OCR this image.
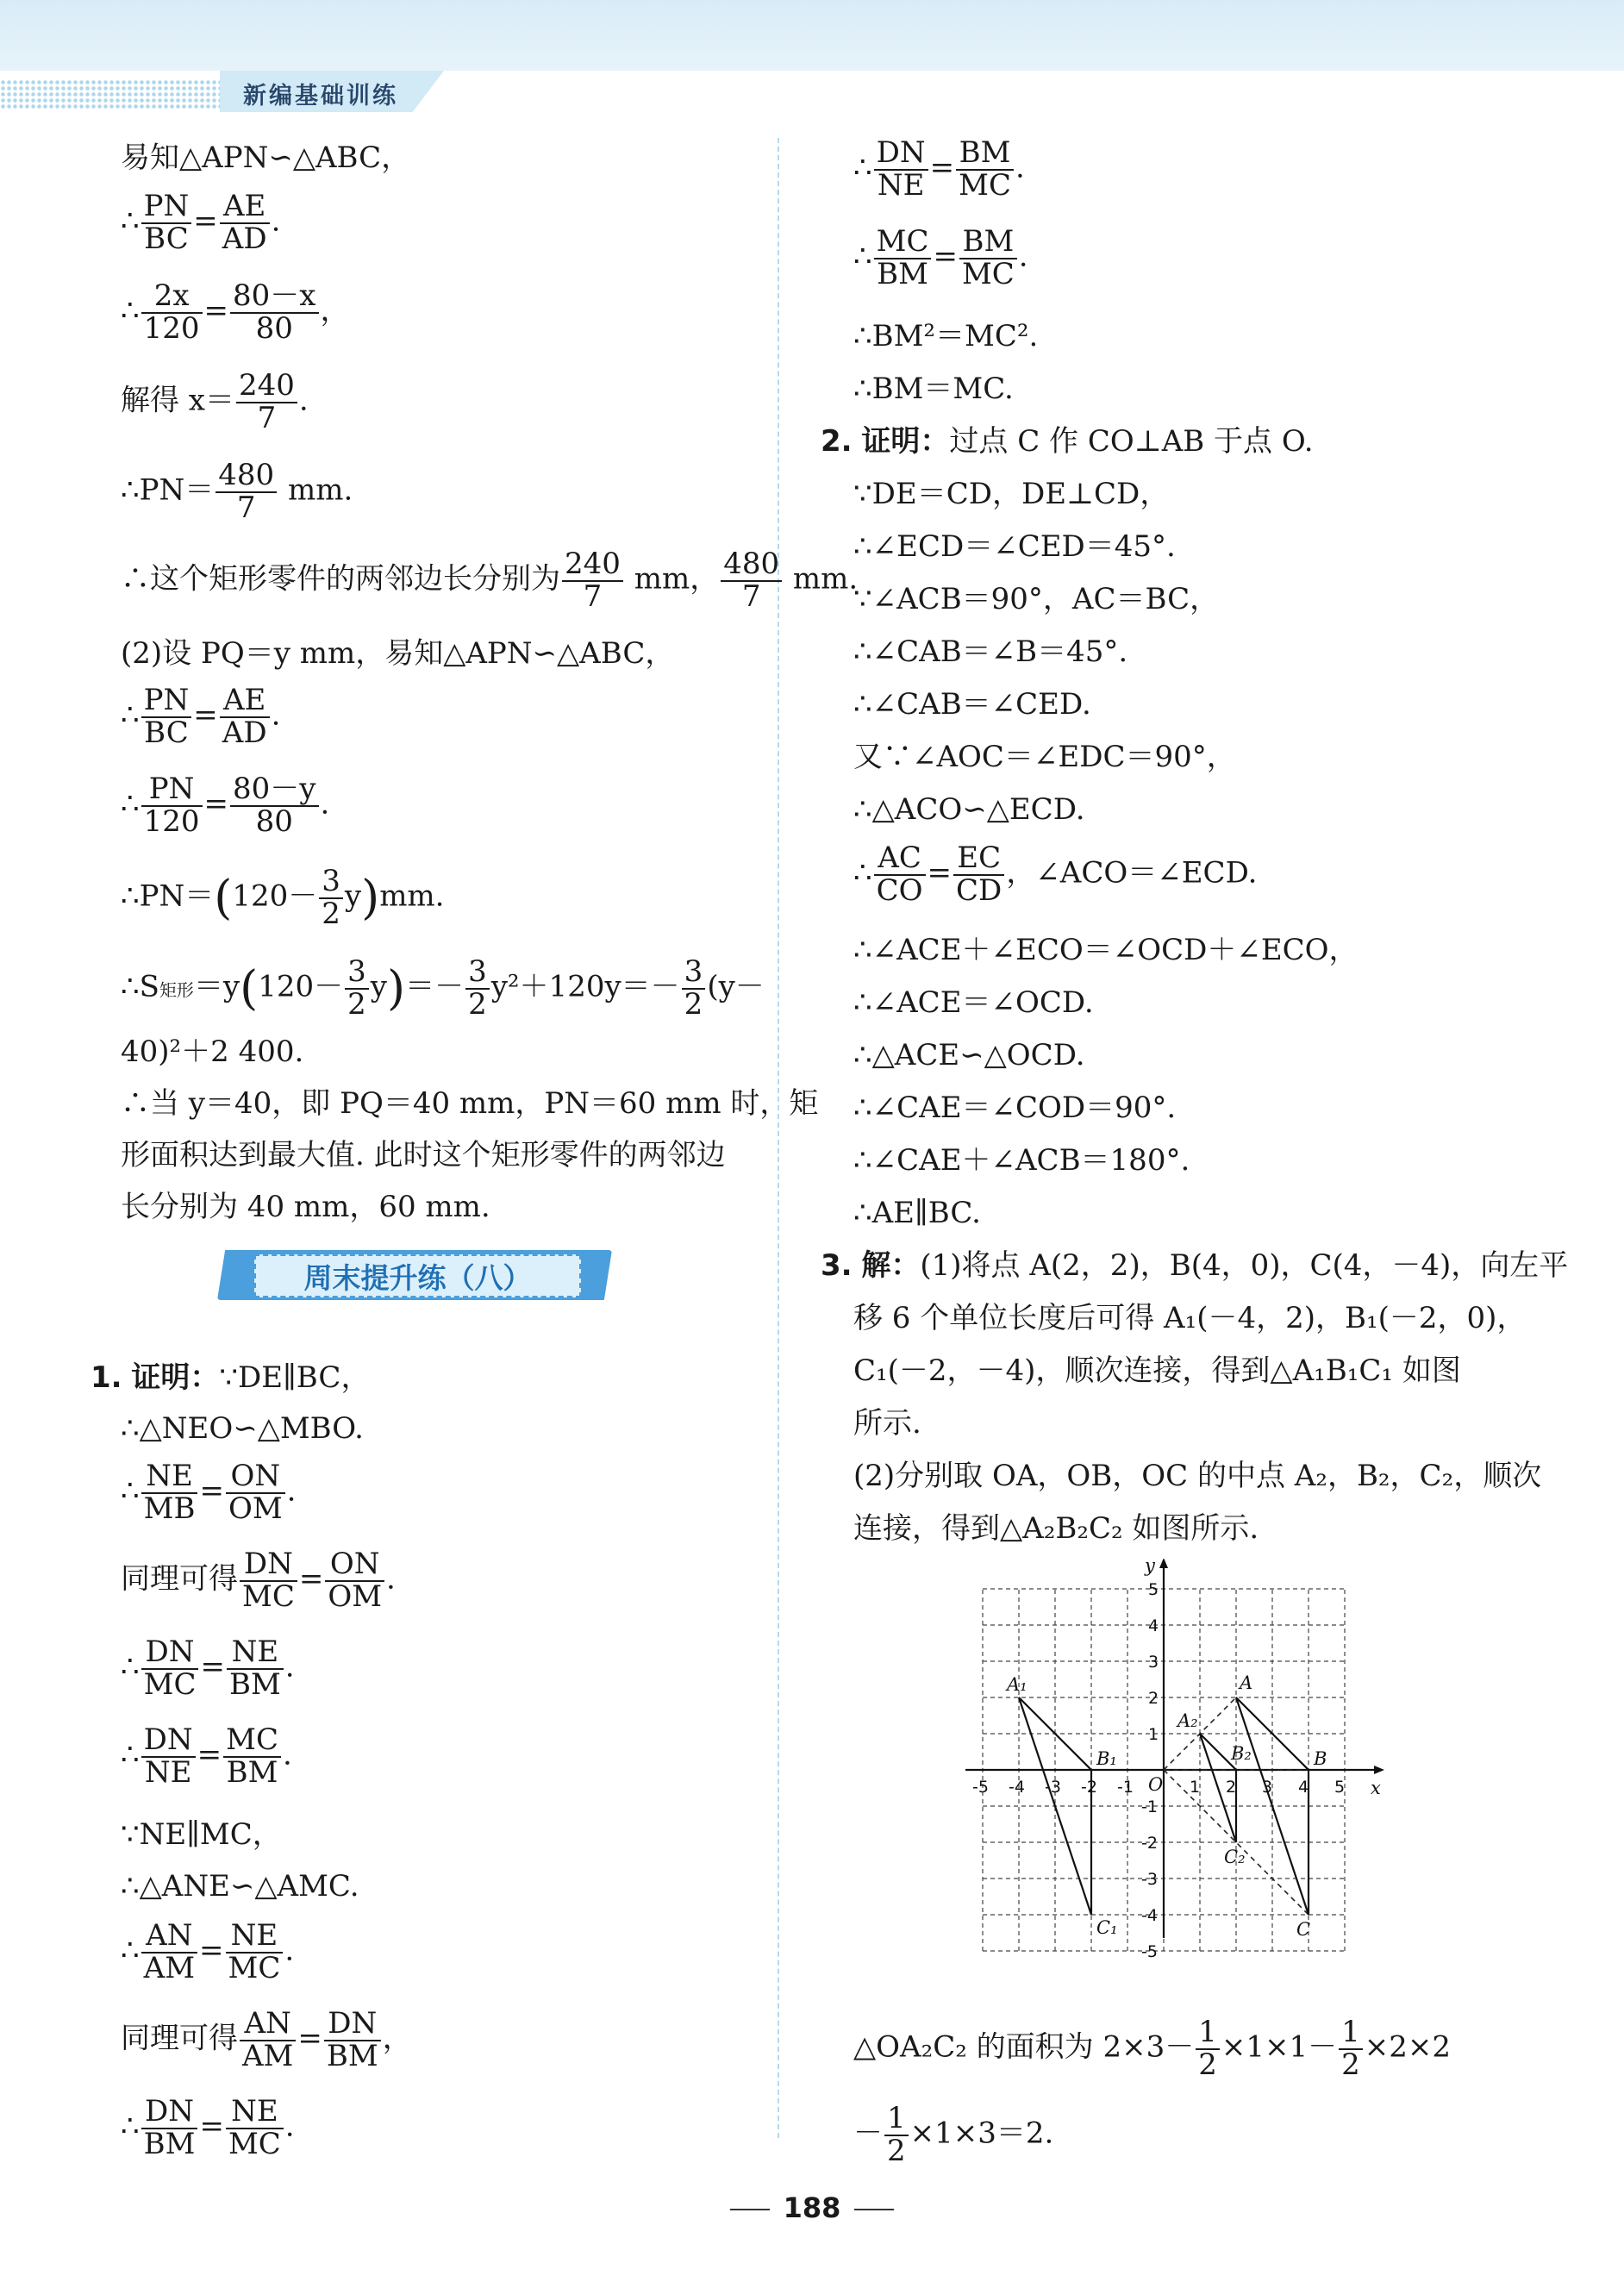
新编基础训练
易知△APN∽△ABC，
∴ $\frac{PN}{BC} = \frac{AE}{AD}$ .
∴ $\frac{2x}{120} = \frac{80-x}{80}$ ，
解得 $x= \frac{240}{7}$ .
∴PN＝ $\frac{480}{7}$ mm.
∴这个矩形零件的两邻边长分别为 $\frac{240}{7}$ mm， $\frac{480}{7}$ mm.
(2)设 PQ＝y mm，易知△APN∽△ABC，
∴ $\frac{PN}{BC} = \frac{AE}{AD}$ .
∴ $\frac{PN}{120} = \frac{80-y}{80}$ .
∴PN＝(120－ $\frac{3}{2} y)mm$.
∴S矩形$=y(120- \frac{3}{2} y)=- \frac{3}{2} y^2+120y=- \frac{3}{2} (y-$
40)²＋2 400.
∴当 y＝40，即 PQ＝40 mm，PN＝60 mm 时，矩
形面积达到最大值. 此时这个矩形零件的两邻边
长分别为 40 mm，60 mm.
周末提升练（八）
1. 证明：∵DE∥BC，
∴△NEO∽△MBO.
∴ $\frac{NE}{MB} = \frac{ON}{OM}$ .
同理可得 $\frac{DN}{MC} = \frac{ON}{OM}$ .
∴ $\frac{DN}{MC} = \frac{NE}{BM}$ .
∴ $\frac{DN}{NE} = \frac{MC}{BM}$ .
∵NE∥MC，
∴△ANE∽△AMC.
∴ $\frac{AN}{AM} = \frac{NE}{MC}$ .
同理可得 $\frac{AN}{AM} = \frac{DN}{BM}$ ，
∴ $\frac{DN}{BM} = \frac{NE}{MC}$ .
∴ $\frac{DN}{NE} = \frac{BM}{MC}$ .
∴ $\frac{MC}{BM} = \frac{BM}{MC}$ .
∴BM²＝MC².
∴BM＝MC.
2. 证明：过点 C 作 CO⊥AB 于点 O.
∵DE＝CD，DE⊥CD，
∴∠ECD＝∠CED＝45°.
∵∠ACB＝90°，AC＝BC，
∴∠CAB＝∠B＝45°.
∴∠CAB＝∠CED.
又∵∠AOC＝∠EDC＝90°，
∴△ACO∽△ECD.
∴ $\frac{AC}{CO} = \frac{EC}{CD}$ ，∠ACO＝∠ECD.
∴∠ACE＋∠ECO＝∠OCD＋∠ECO，
∴∠ACE＝∠OCD.
∴△ACE∽△OCD.
∴∠CAE＝∠COD＝90°.
∴∠CAE＋∠ACB＝180°.
∴AE∥BC.
3. 解：(1)将点 A(2，2)，B(4，0)，C(4，－4)，向左平
移 6 个单位长度后可得 A₁(－4，2)，B₁(－2，0)，
C₁(－2，－4)，顺次连接，得到△A₁B₁C₁ 如图
所示.
(2)分别取 OA，OB，OC 的中点 A₂，B₂，C₂，顺次
连接，得到△A₂B₂C₂ 如图所示.
x
y
O
-5 -4 -3 -2 -1	1 2 3 4 5
5
4
3
2
1
-1
-2
-3
-4
-5
A
B
C
A₁
B₁
C₁
A₂
B₂
C₂
△OA₂C₂ 的面积为 $2\times 3- \frac{1}{2} \times 1\times 1- \frac{1}{2} \times 2\times 2$
－ $\frac{1}{2} \times 1\times 3=2$.
188
